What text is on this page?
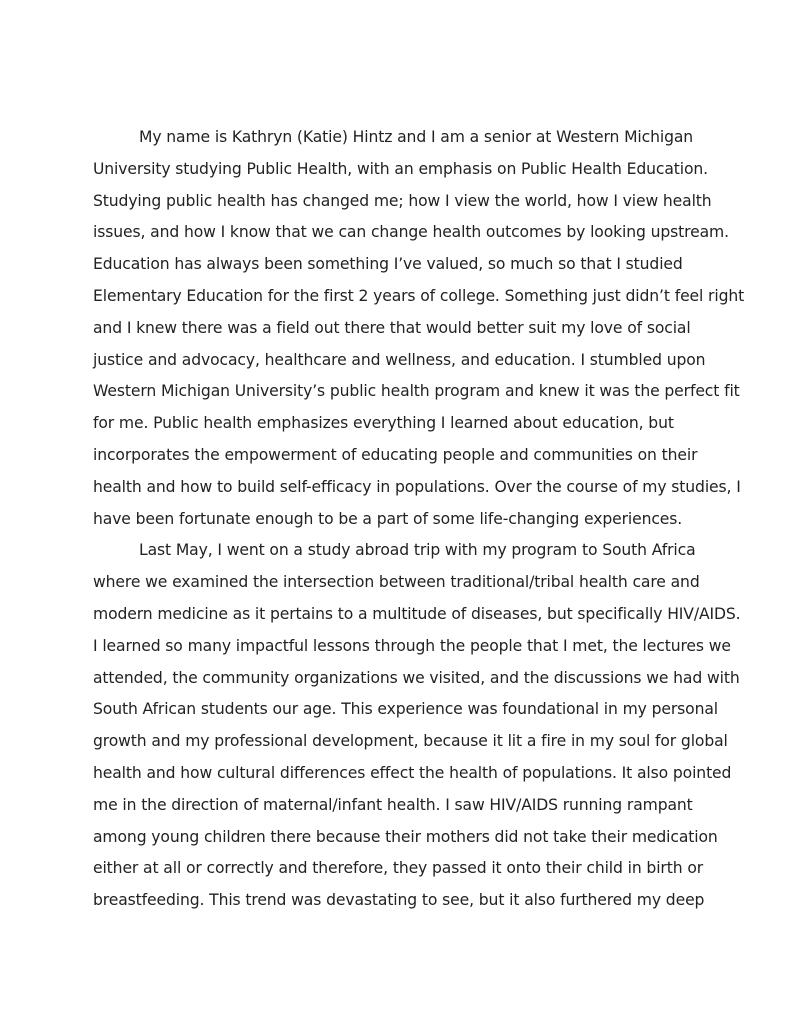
My name is Kathryn (Katie) Hintz and I am a senior at Western Michigan
University studying Public Health, with an emphasis on Public Health Education.
Studying public health has changed me; how I view the world, how I view health
issues, and how I know that we can change health outcomes by looking upstream.
Education has always been something I’ve valued, so much so that I studied
Elementary Education for the first 2 years of college. Something just didn’t feel right
and I knew there was a field out there that would better suit my love of social
justice and advocacy, healthcare and wellness, and education. I stumbled upon
Western Michigan University’s public health program and knew it was the perfect fit
for me. Public health emphasizes everything I learned about education, but
incorporates the empowerment of educating people and communities on their
health and how to build self-efficacy in populations. Over the course of my studies, I
have been fortunate enough to be a part of some life-changing experiences.
Last May, I went on a study abroad trip with my program to South Africa
where we examined the intersection between traditional/tribal health care and
modern medicine as it pertains to a multitude of diseases, but specifically HIV/AIDS.
I learned so many impactful lessons through the people that I met, the lectures we
attended, the community organizations we visited, and the discussions we had with
South African students our age. This experience was foundational in my personal
growth and my professional development, because it lit a fire in my soul for global
health and how cultural differences effect the health of populations. It also pointed
me in the direction of maternal/infant health. I saw HIV/AIDS running rampant
among young children there because their mothers did not take their medication
either at all or correctly and therefore, they passed it onto their child in birth or
breastfeeding. This trend was devastating to see, but it also furthered my deep
